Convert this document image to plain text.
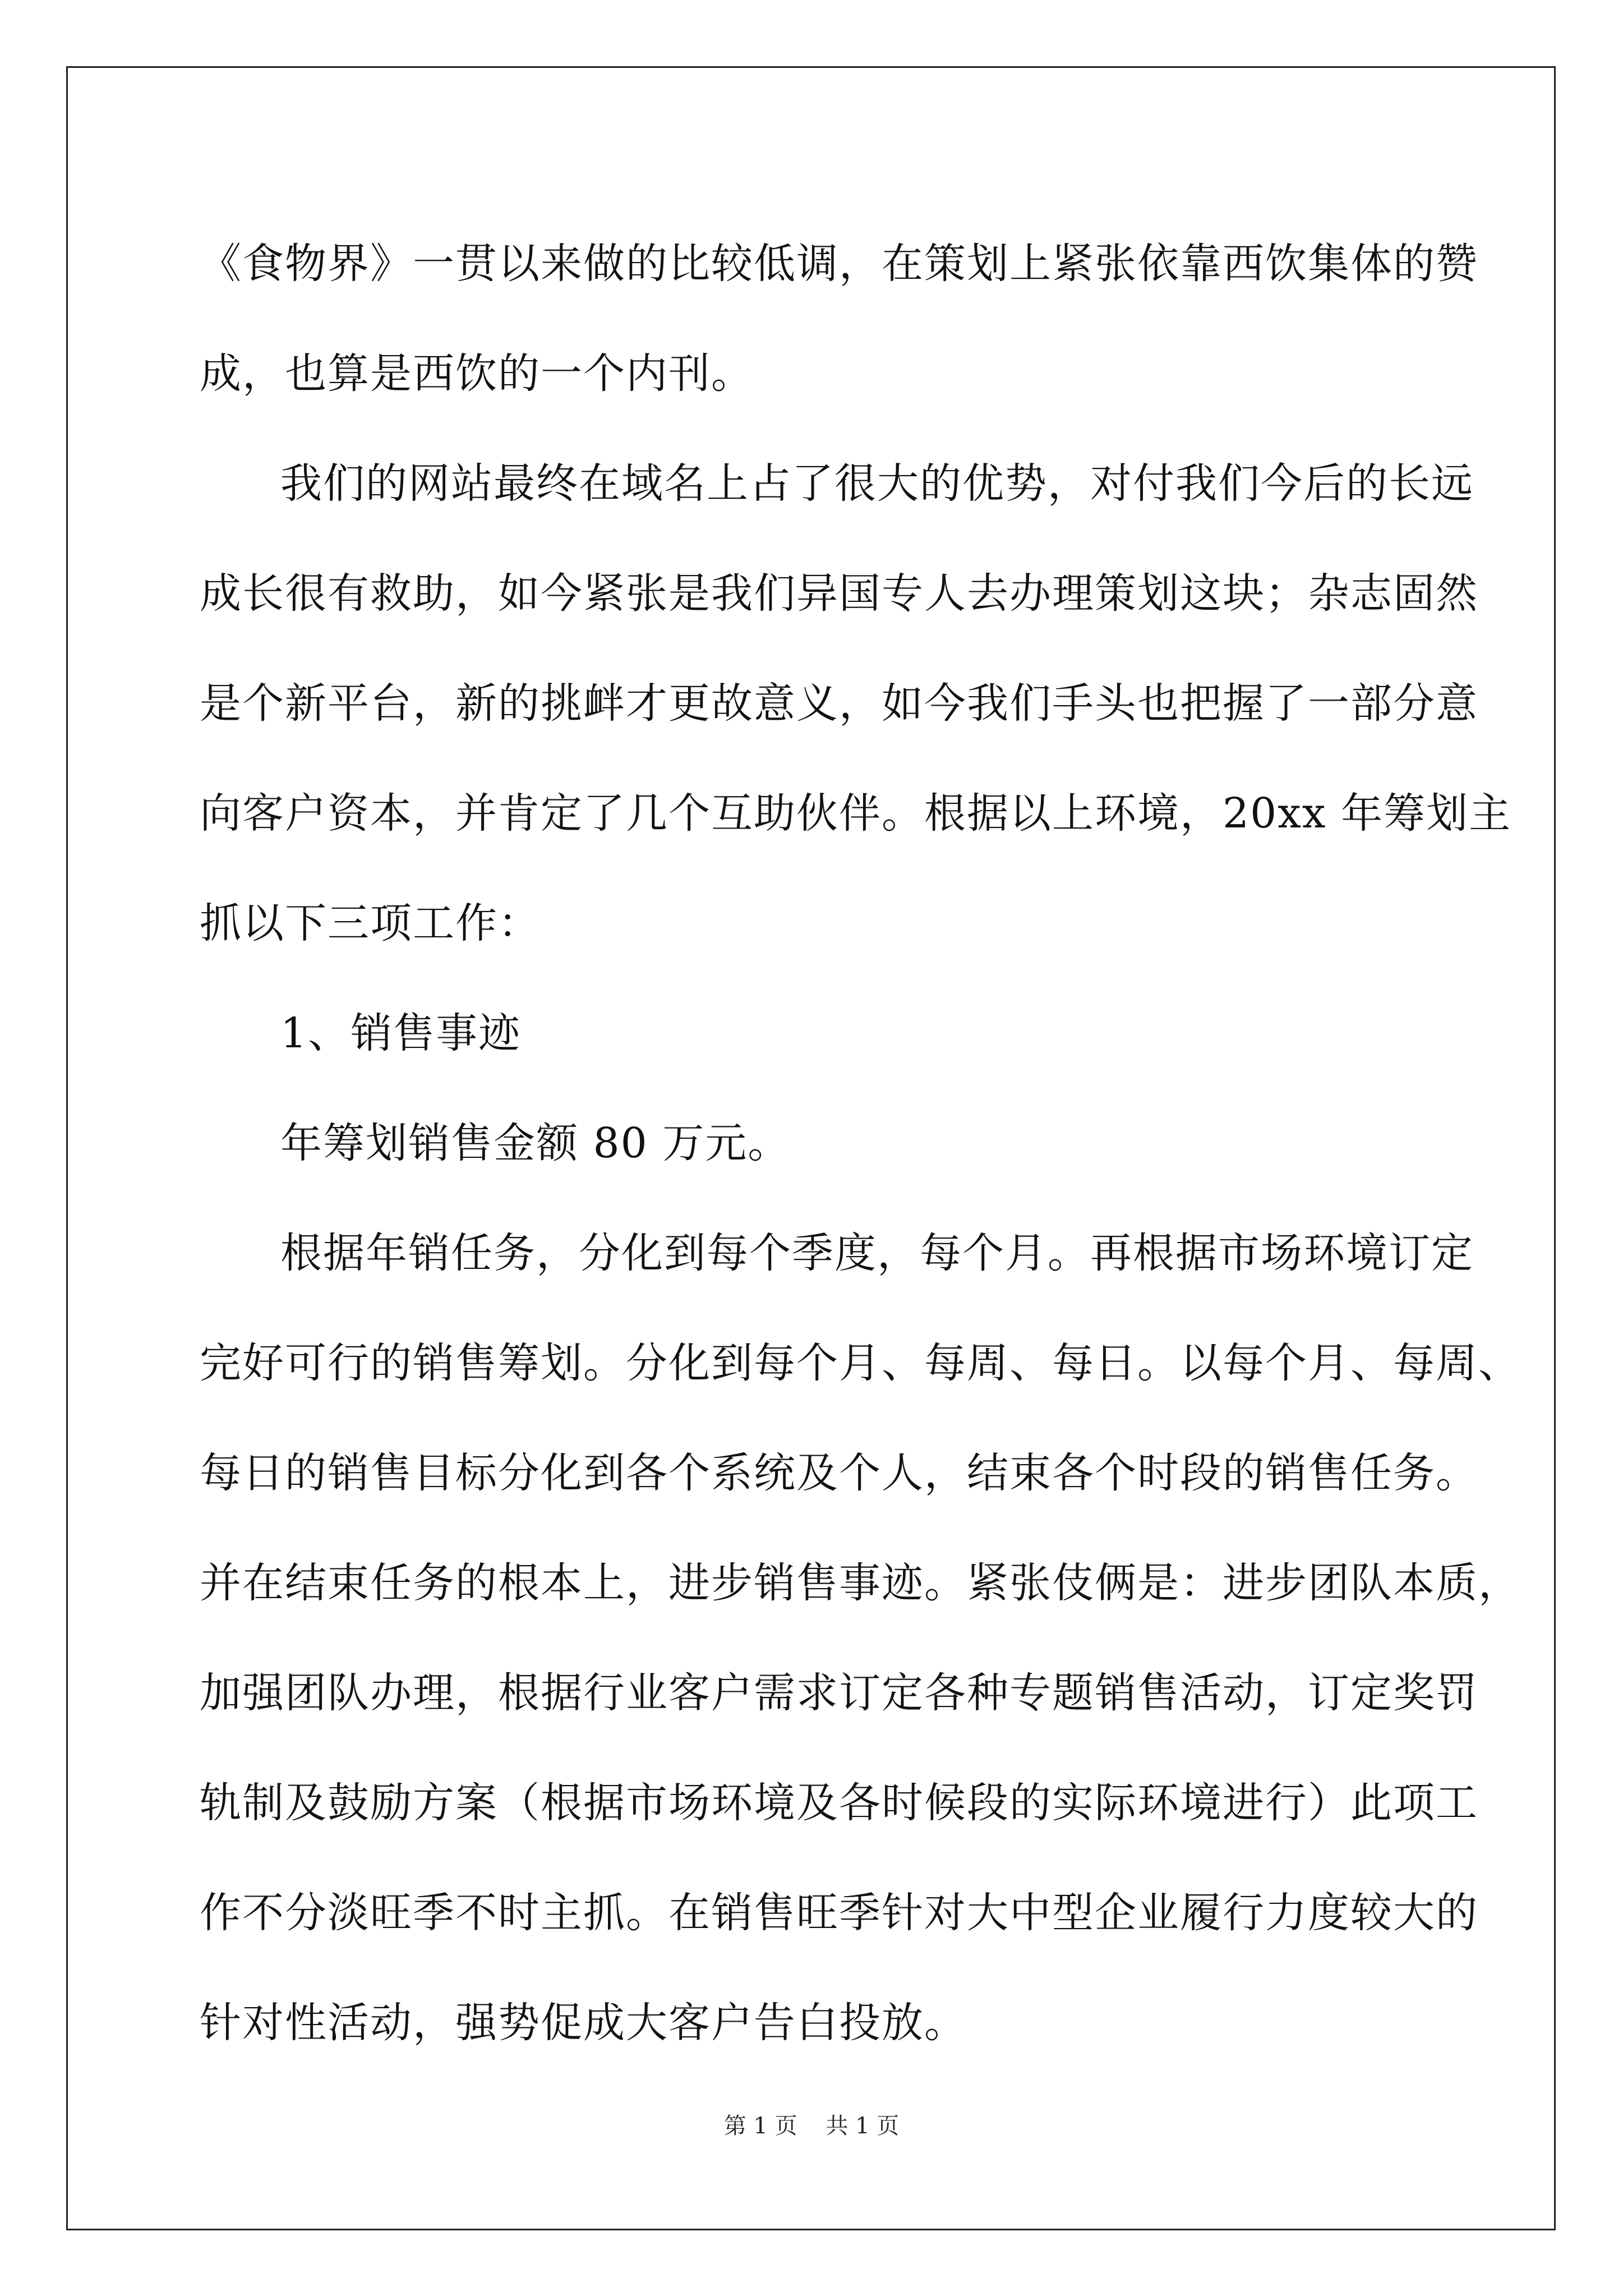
《食物界》一贯以来做的比较低调，在策划上紧张依靠西饮集体的赞
成，也算是西饮的一个内刊。
我们的网站最终在域名上占了很大的优势，对付我们今后的长远
成长很有救助，如今紧张是我们异国专人去办理策划这块；杂志固然
是个新平台，新的挑衅才更故意义，如今我们手头也把握了一部分意
向客户资本，并肯定了几个互助伙伴。根据以上环境，20xx 年筹划主
抓以下三项工作：
1、销售事迹
年筹划销售金额 80 万元。
根据年销任务，分化到每个季度，每个月。再根据市场环境订定
完好可行的销售筹划。分化到每个月、每周、每日。以每个月、每周、
每日的销售目标分化到各个系统及个人，结束各个时段的销售任务。
并在结束任务的根本上，进步销售事迹。紧张伎俩是：进步团队本质，
加强团队办理，根据行业客户需求订定各种专题销售活动，订定奖罚
轨制及鼓励方案（根据市场环境及各时候段的实际环境进行）此项工
作不分淡旺季不时主抓。在销售旺季针对大中型企业履行力度较大的
针对性活动，强势促成大客户告白投放。
第 1 页    共 1 页
